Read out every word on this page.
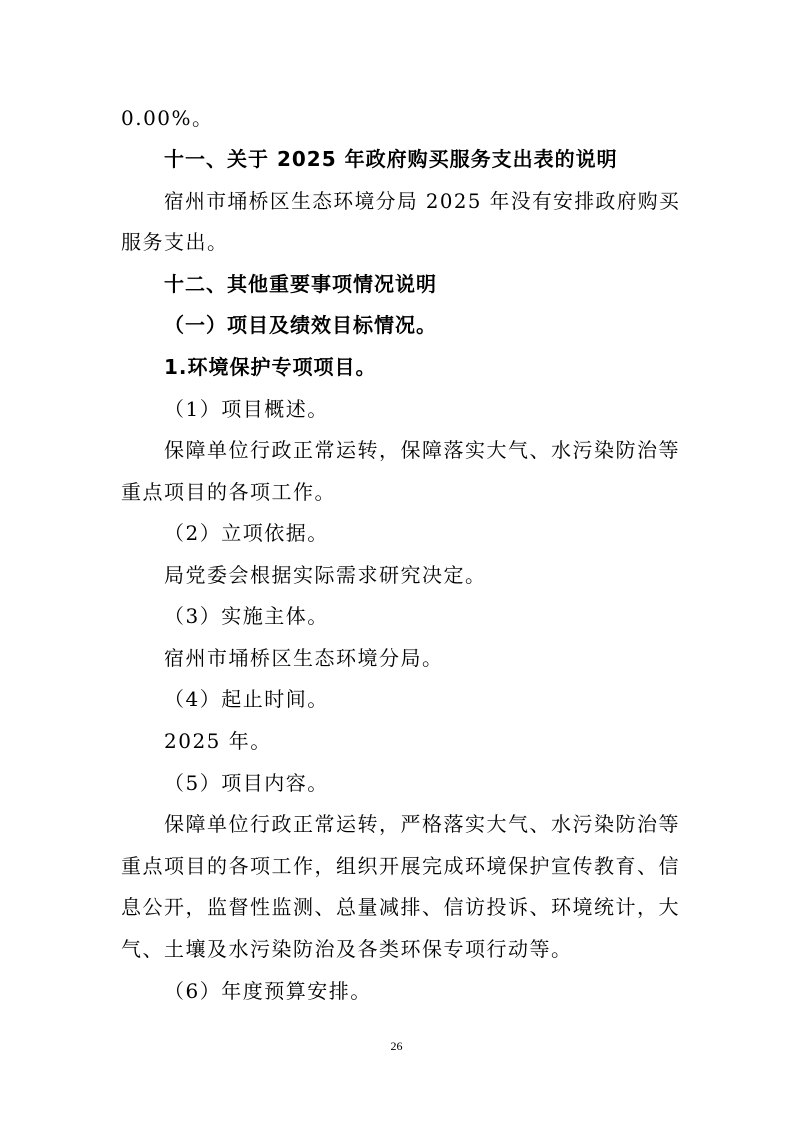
0.00%。
十一、关于 2025 年政府购买服务支出表的说明
宿州市埇桥区生态环境分局 2025 年没有安排政府购买
服务支出。
十二、其他重要事项情况说明
（一）项目及绩效目标情况。
1.环境保护专项项目。
（1）项目概述。
保障单位行政正常运转，保障落实大气、水污染防治等
重点项目的各项工作。
（2）立项依据。
局党委会根据实际需求研究决定。
（3）实施主体。
宿州市埇桥区生态环境分局。
（4）起止时间。
2025 年。
（5）项目内容。
保障单位行政正常运转，严格落实大气、水污染防治等
重点项目的各项工作，组织开展完成环境保护宣传教育、信
息公开，监督性监测、总量减排、信访投诉、环境统计，大
气、土壤及水污染防治及各类环保专项行动等。
（6）年度预算安排。
26
